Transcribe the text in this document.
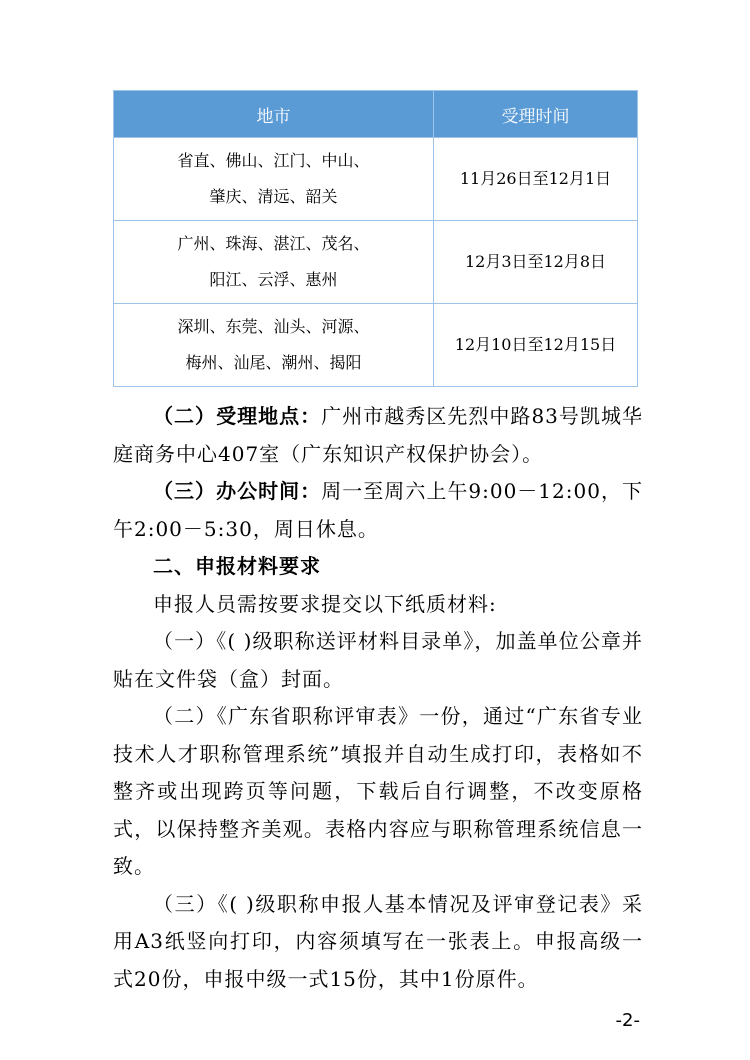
地市	受理时间

省直、佛山、江门、中山、
肇庆、清远、韶关	11月26日至12月1日

广州、珠海、湛江、茂名、
阳江、云浮、惠州	12月3日至12月8日

深圳、东莞、汕头、河源、
梅州、汕尾、潮州、揭阳	12月10日至12月15日

（二）受理地点：广州市越秀区先烈中路83号凯城华庭商务中心407室（广东知识产权保护协会）。

（三）办公时间：周一至周六上午9:00－12:00，下午2:00－5:30，周日休息。

二、申报材料要求

申报人员需按要求提交以下纸质材料:

（一）《( )级职称送评材料目录单》，加盖单位公章并贴在文件袋（盒）封面。

（二）《广东省职称评审表》一份，通过“广东省专业技术人才职称管理系统”填报并自动生成打印，表格如不整齐或出现跨页等问题，下载后自行调整，不改变原格式，以保持整齐美观。表格内容应与职称管理系统信息一致。

（三）《( )级职称申报人基本情况及评审登记表》采用A3纸竖向打印，内容须填写在一张表上。申报高级一式20份，申报中级一式15份，其中1份原件。

-2-
